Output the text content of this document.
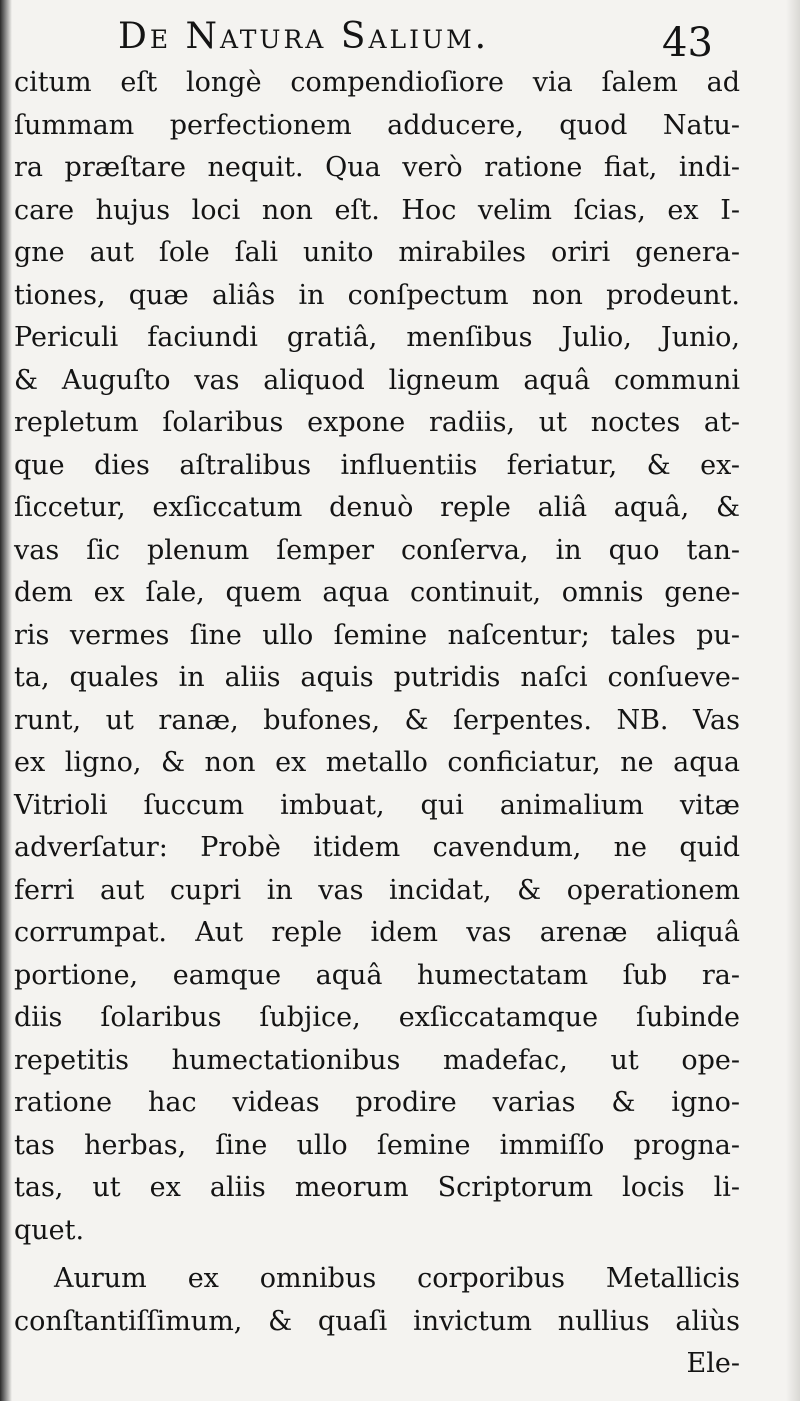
De Natura Salium.	43
citum eſt longè compendioſiore via ſalem ad
ſummam perfectionem adducere, quod Natu-
ra præſtare nequit. Qua verò ratione fiat, indi-
care hujus loci non eſt. Hoc velim ſcias, ex I-
gne aut ſole ſali unito mirabiles oriri genera-
tiones, quæ aliâs in conſpectum non prodeunt.
Periculi faciundi gratiâ, menſibus Julio, Junio,
& Auguſto vas aliquod ligneum aquâ communi
repletum ſolaribus expone radiis, ut noctes at-
que dies aſtralibus influentiis feriatur, & ex-
ſiccetur, exſiccatum denuò reple aliâ aquâ, &
vas ſic plenum ſemper conſerva, in quo tan-
dem ex ſale, quem aqua continuit, omnis gene-
ris vermes ſine ullo ſemine naſcentur; tales pu-
ta, quales in aliis aquis putridis naſci conſueve-
runt, ut ranæ, bufones, & ſerpentes. NB. Vas
ex ligno, & non ex metallo conficiatur, ne aqua
Vitrioli ſuccum imbuat, qui animalium vitæ
adverſatur: Probè itidem cavendum, ne quid
ferri aut cupri in vas incidat, & operationem
corrumpat. Aut reple idem vas arenæ aliquâ
portione, eamque aquâ humectatam ſub ra-
diis ſolaribus ſubjice, exſiccatamque ſubinde
repetitis humectationibus madefac, ut ope-
ratione hac videas prodire varias & igno-
tas herbas, ſine ullo ſemine immiſſo progna-
tas, ut ex aliis meorum Scriptorum locis li-
quet.
Aurum ex omnibus corporibus Metallicis
conſtantiſſimum, & quaſi invictum nullius aliùs
Ele-
